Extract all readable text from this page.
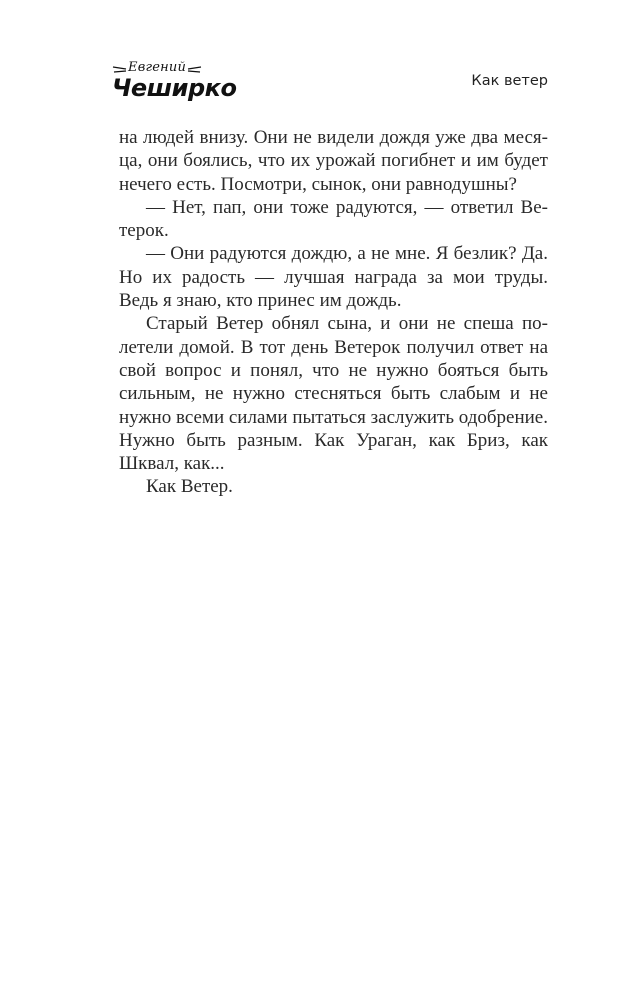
Евгений
Чеширко	Как ветер

на людей внизу. Они не видели дождя уже два месяца, они боялись, что их урожай погибнет и им будет нечего есть. Посмотри, сынок, они равнодушны?

— Нет, пап, они тоже радуются, — ответил Ветерок.

— Они радуются дождю, а не мне. Я безлик? Да. Но их радость — лучшая награда за мои труды. Ведь я знаю, кто принес им дождь.

Старый Ветер обнял сына, и они не спеша полетели домой. В тот день Ветерок получил ответ на свой вопрос и понял, что не нужно бояться быть сильным, не нужно стесняться быть слабым и не нужно всеми силами пытаться заслужить одобрение. Нужно быть разным. Как Ураган, как Бриз, как Шквал, как...

Как Ветер.
